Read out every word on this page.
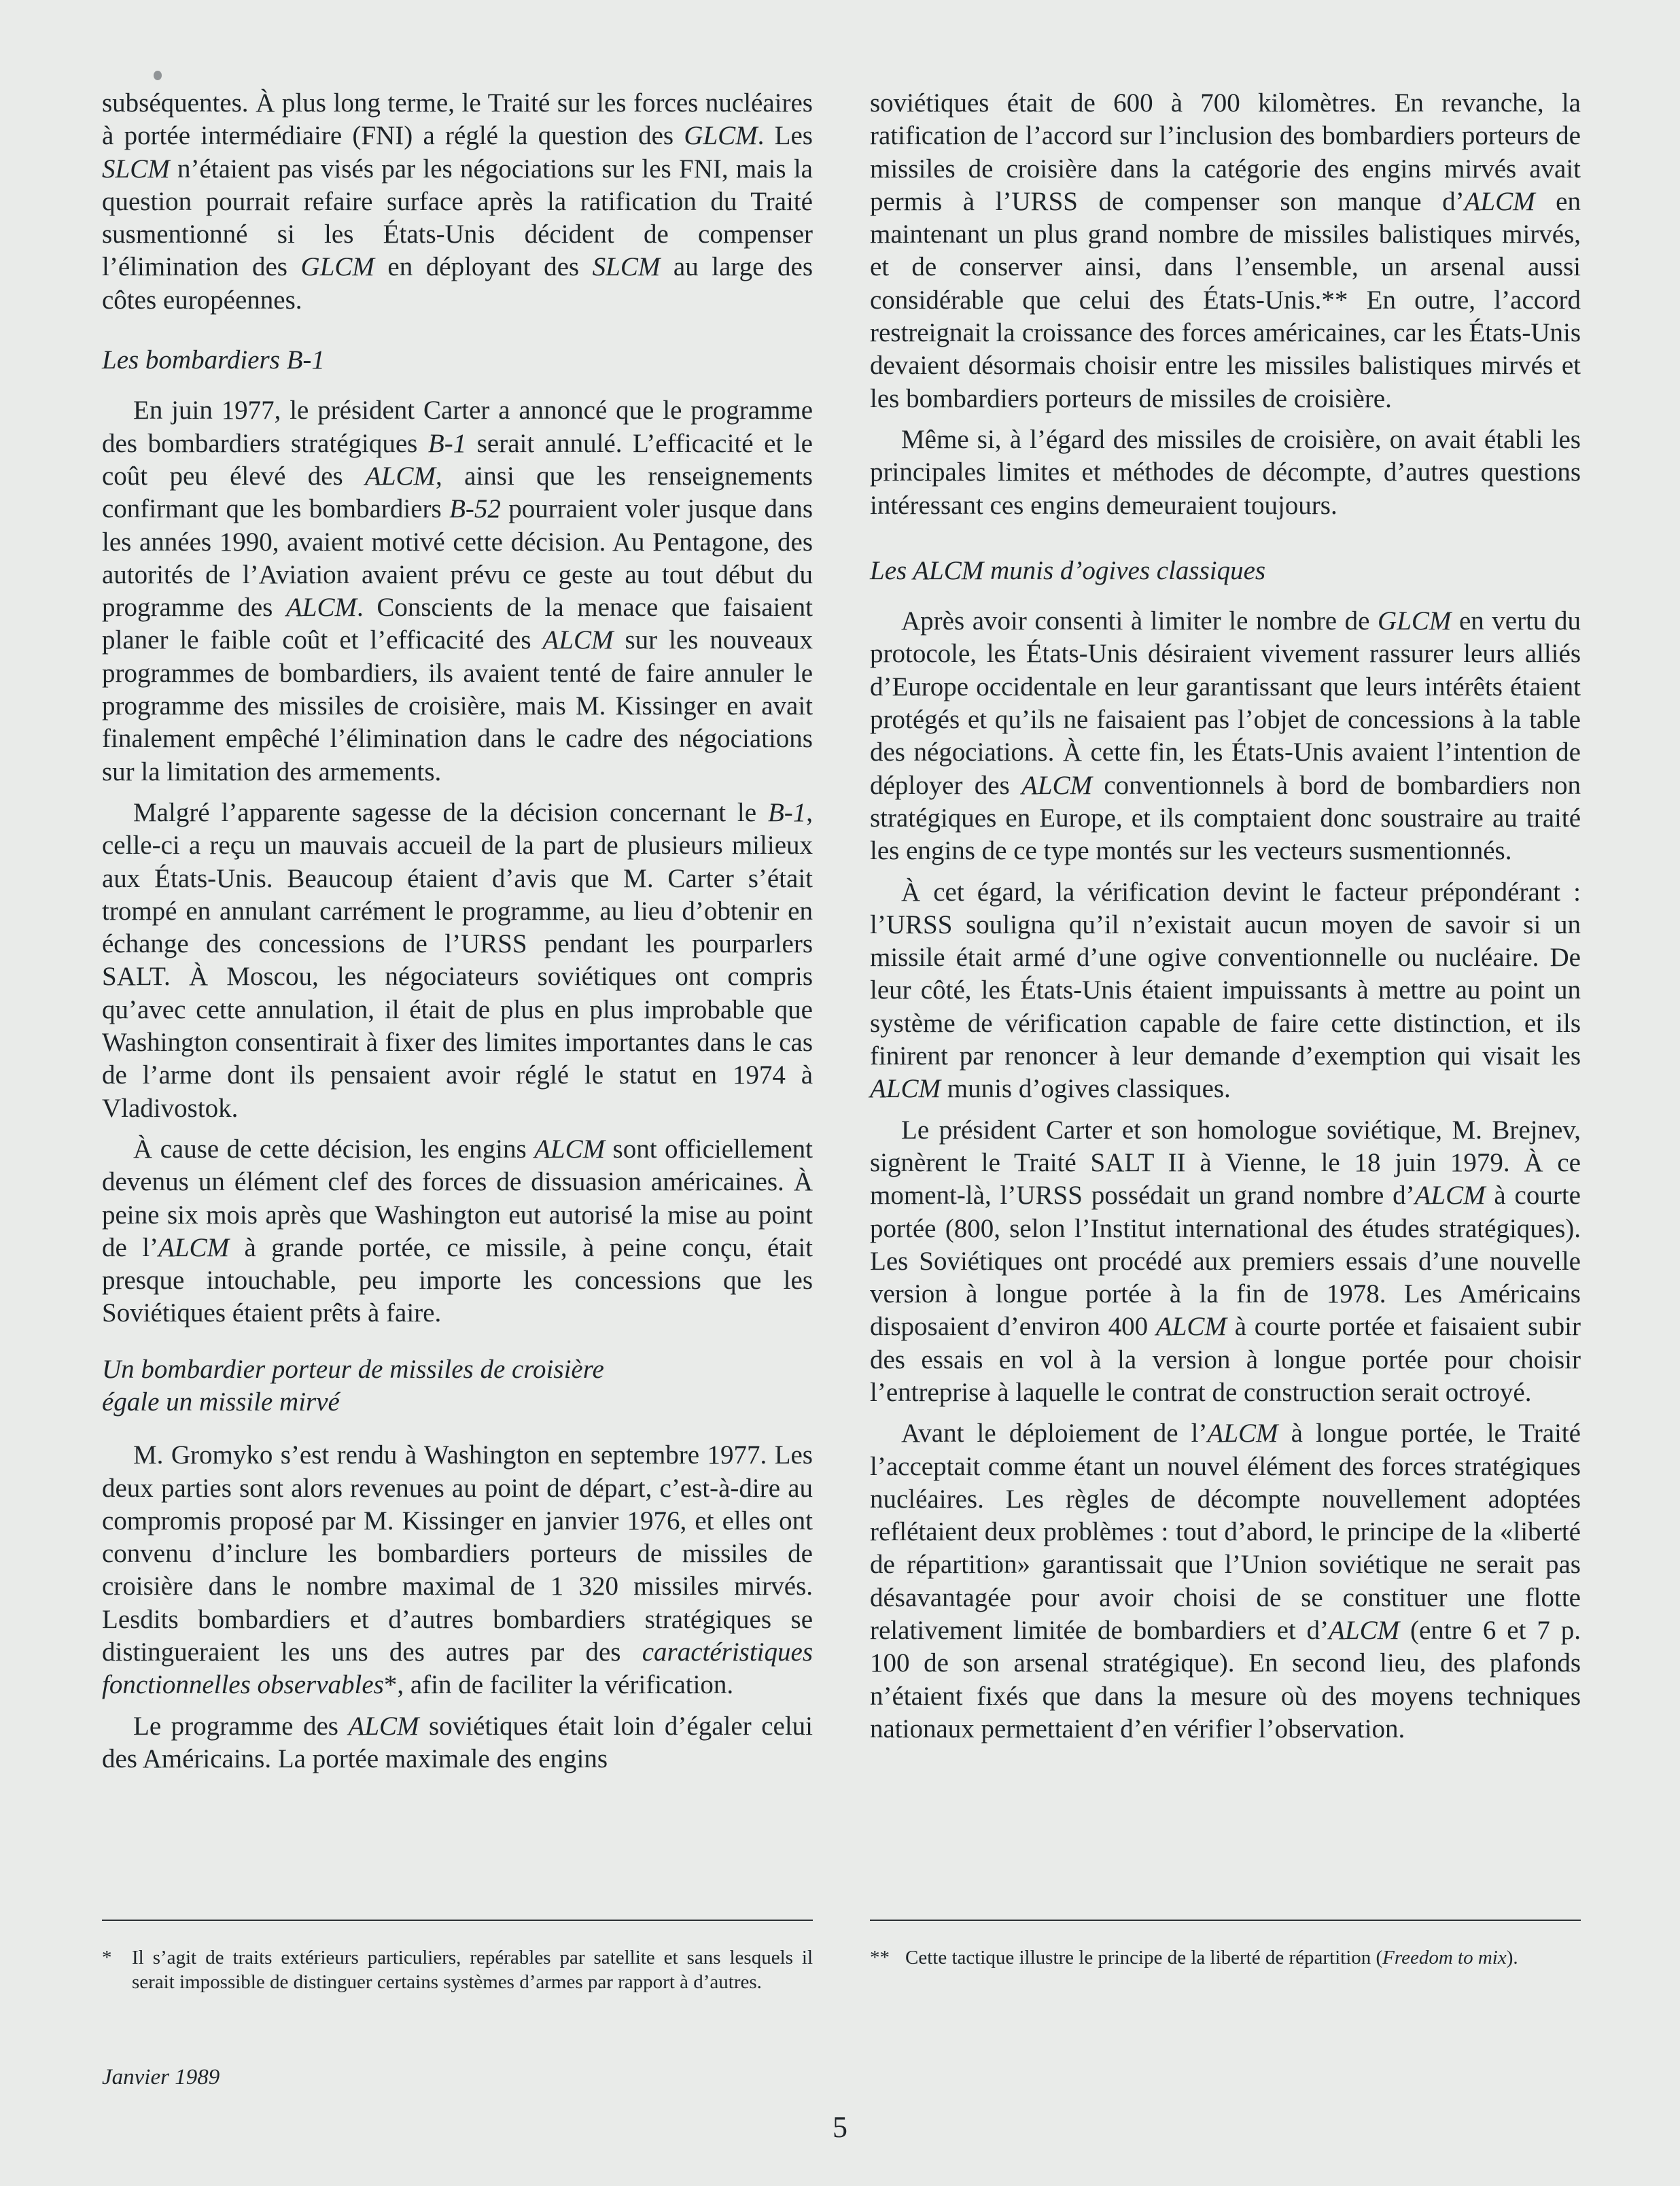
subséquentes. À plus long terme, le Traité sur les forces nucléaires à portée intermédiaire (FNI) a réglé la question des GLCM. Les SLCM n’étaient pas visés par les négociations sur les FNI, mais la question pourrait refaire surface après la ratification du Traité susmentionné si les États-Unis décident de compenser l’élimination des GLCM en déployant des SLCM au large des côtes européennes.

Les bombardiers B-1

En juin 1977, le président Carter a annoncé que le programme des bombardiers stratégiques B-1 serait annulé. L’efficacité et le coût peu élevé des ALCM, ainsi que les renseignements confirmant que les bombardiers B-52 pourraient voler jusque dans les années 1990, avaient motivé cette décision. Au Pentagone, des autorités de l’Aviation avaient prévu ce geste au tout début du programme des ALCM. Conscients de la menace que faisaient planer le faible coût et l’efficacité des ALCM sur les nouveaux programmes de bombardiers, ils avaient tenté de faire annuler le programme des missiles de croisière, mais M. Kissinger en avait finalement empêché l’élimination dans le cadre des négociations sur la limitation des armements.

Malgré l’apparente sagesse de la décision concernant le B-1, celle-ci a reçu un mauvais accueil de la part de plusieurs milieux aux États-Unis. Beaucoup étaient d’avis que M. Carter s’était trompé en annulant carrément le programme, au lieu d’obtenir en échange des concessions de l’URSS pendant les pourparlers SALT. À Moscou, les négociateurs soviétiques ont compris qu’avec cette annulation, il était de plus en plus improbable que Washington consentirait à fixer des limites importantes dans le cas de l’arme dont ils pensaient avoir réglé le statut en 1974 à Vladivostok.

À cause de cette décision, les engins ALCM sont officiellement devenus un élément clef des forces de dissuasion américaines. À peine six mois après que Washington eut autorisé la mise au point de l’ALCM à grande portée, ce missile, à peine conçu, était presque intouchable, peu importe les concessions que les Soviétiques étaient prêts à faire.

Un bombardier porteur de missiles de croisière
égale un missile mirvé

M. Gromyko s’est rendu à Washington en septembre 1977. Les deux parties sont alors revenues au point de départ, c’est-à-dire au compromis proposé par M. Kissinger en janvier 1976, et elles ont convenu d’inclure les bombardiers porteurs de missiles de croisière dans le nombre maximal de 1 320 missiles mirvés. Lesdits bombardiers et d’autres bombardiers stratégiques se distingueraient les uns des autres par des caractéristiques fonctionnelles observables*, afin de faciliter la vérification.

Le programme des ALCM soviétiques était loin d’égaler celui des Américains. La portée maximale des engins

soviétiques était de 600 à 700 kilomètres. En revanche, la ratification de l’accord sur l’inclusion des bombardiers porteurs de missiles de croisière dans la catégorie des engins mirvés avait permis à l’URSS de compenser son manque d’ALCM en maintenant un plus grand nombre de missiles balistiques mirvés, et de conserver ainsi, dans l’ensemble, un arsenal aussi considérable que celui des États-Unis.** En outre, l’accord restreignait la croissance des forces américaines, car les États-Unis devaient désormais choisir entre les missiles balistiques mirvés et les bombardiers porteurs de missiles de croisière.

Même si, à l’égard des missiles de croisière, on avait établi les principales limites et méthodes de décompte, d’autres questions intéressant ces engins demeuraient toujours.

Les ALCM munis d’ogives classiques

Après avoir consenti à limiter le nombre de GLCM en vertu du protocole, les États-Unis désiraient vivement rassurer leurs alliés d’Europe occidentale en leur garantissant que leurs intérêts étaient protégés et qu’ils ne faisaient pas l’objet de concessions à la table des négociations. À cette fin, les États-Unis avaient l’intention de déployer des ALCM conventionnels à bord de bombardiers non stratégiques en Europe, et ils comptaient donc soustraire au traité les engins de ce type montés sur les vecteurs susmentionnés.

À cet égard, la vérification devint le facteur prépondérant : l’URSS souligna qu’il n’existait aucun moyen de savoir si un missile était armé d’une ogive conventionnelle ou nucléaire. De leur côté, les États-Unis étaient impuissants à mettre au point un système de vérification capable de faire cette distinction, et ils finirent par renoncer à leur demande d’exemption qui visait les ALCM munis d’ogives classiques.

Le président Carter et son homologue soviétique, M. Brejnev, signèrent le Traité SALT II à Vienne, le 18 juin 1979. À ce moment-là, l’URSS possédait un grand nombre d’ALCM à courte portée (800, selon l’Institut international des études stratégiques). Les Soviétiques ont procédé aux premiers essais d’une nouvelle version à longue portée à la fin de 1978. Les Américains disposaient d’environ 400 ALCM à courte portée et faisaient subir des essais en vol à la version à longue portée pour choisir l’entreprise à laquelle le contrat de construction serait octroyé.

Avant le déploiement de l’ALCM à longue portée, le Traité l’acceptait comme étant un nouvel élément des forces stratégiques nucléaires. Les règles de décompte nouvellement adoptées reflétaient deux problèmes : tout d’abord, le principe de la «liberté de répartition» garantissait que l’Union soviétique ne serait pas désavantagée pour avoir choisi de se constituer une flotte relativement limitée de bombardiers et d’ALCM (entre 6 et 7 p. 100 de son arsenal stratégique). En second lieu, des plafonds n’étaient fixés que dans la mesure où des moyens techniques nationaux permettaient d’en vérifier l’observation.

*	Il s’agit de traits extérieurs particuliers, repérables par satellite et sans lesquels il serait impossible de distinguer certains systèmes d’armes par rapport à d’autres.
** Cette tactique illustre le principe de la liberté de répartition (Freedom to mix).
Janvier 1989
5
